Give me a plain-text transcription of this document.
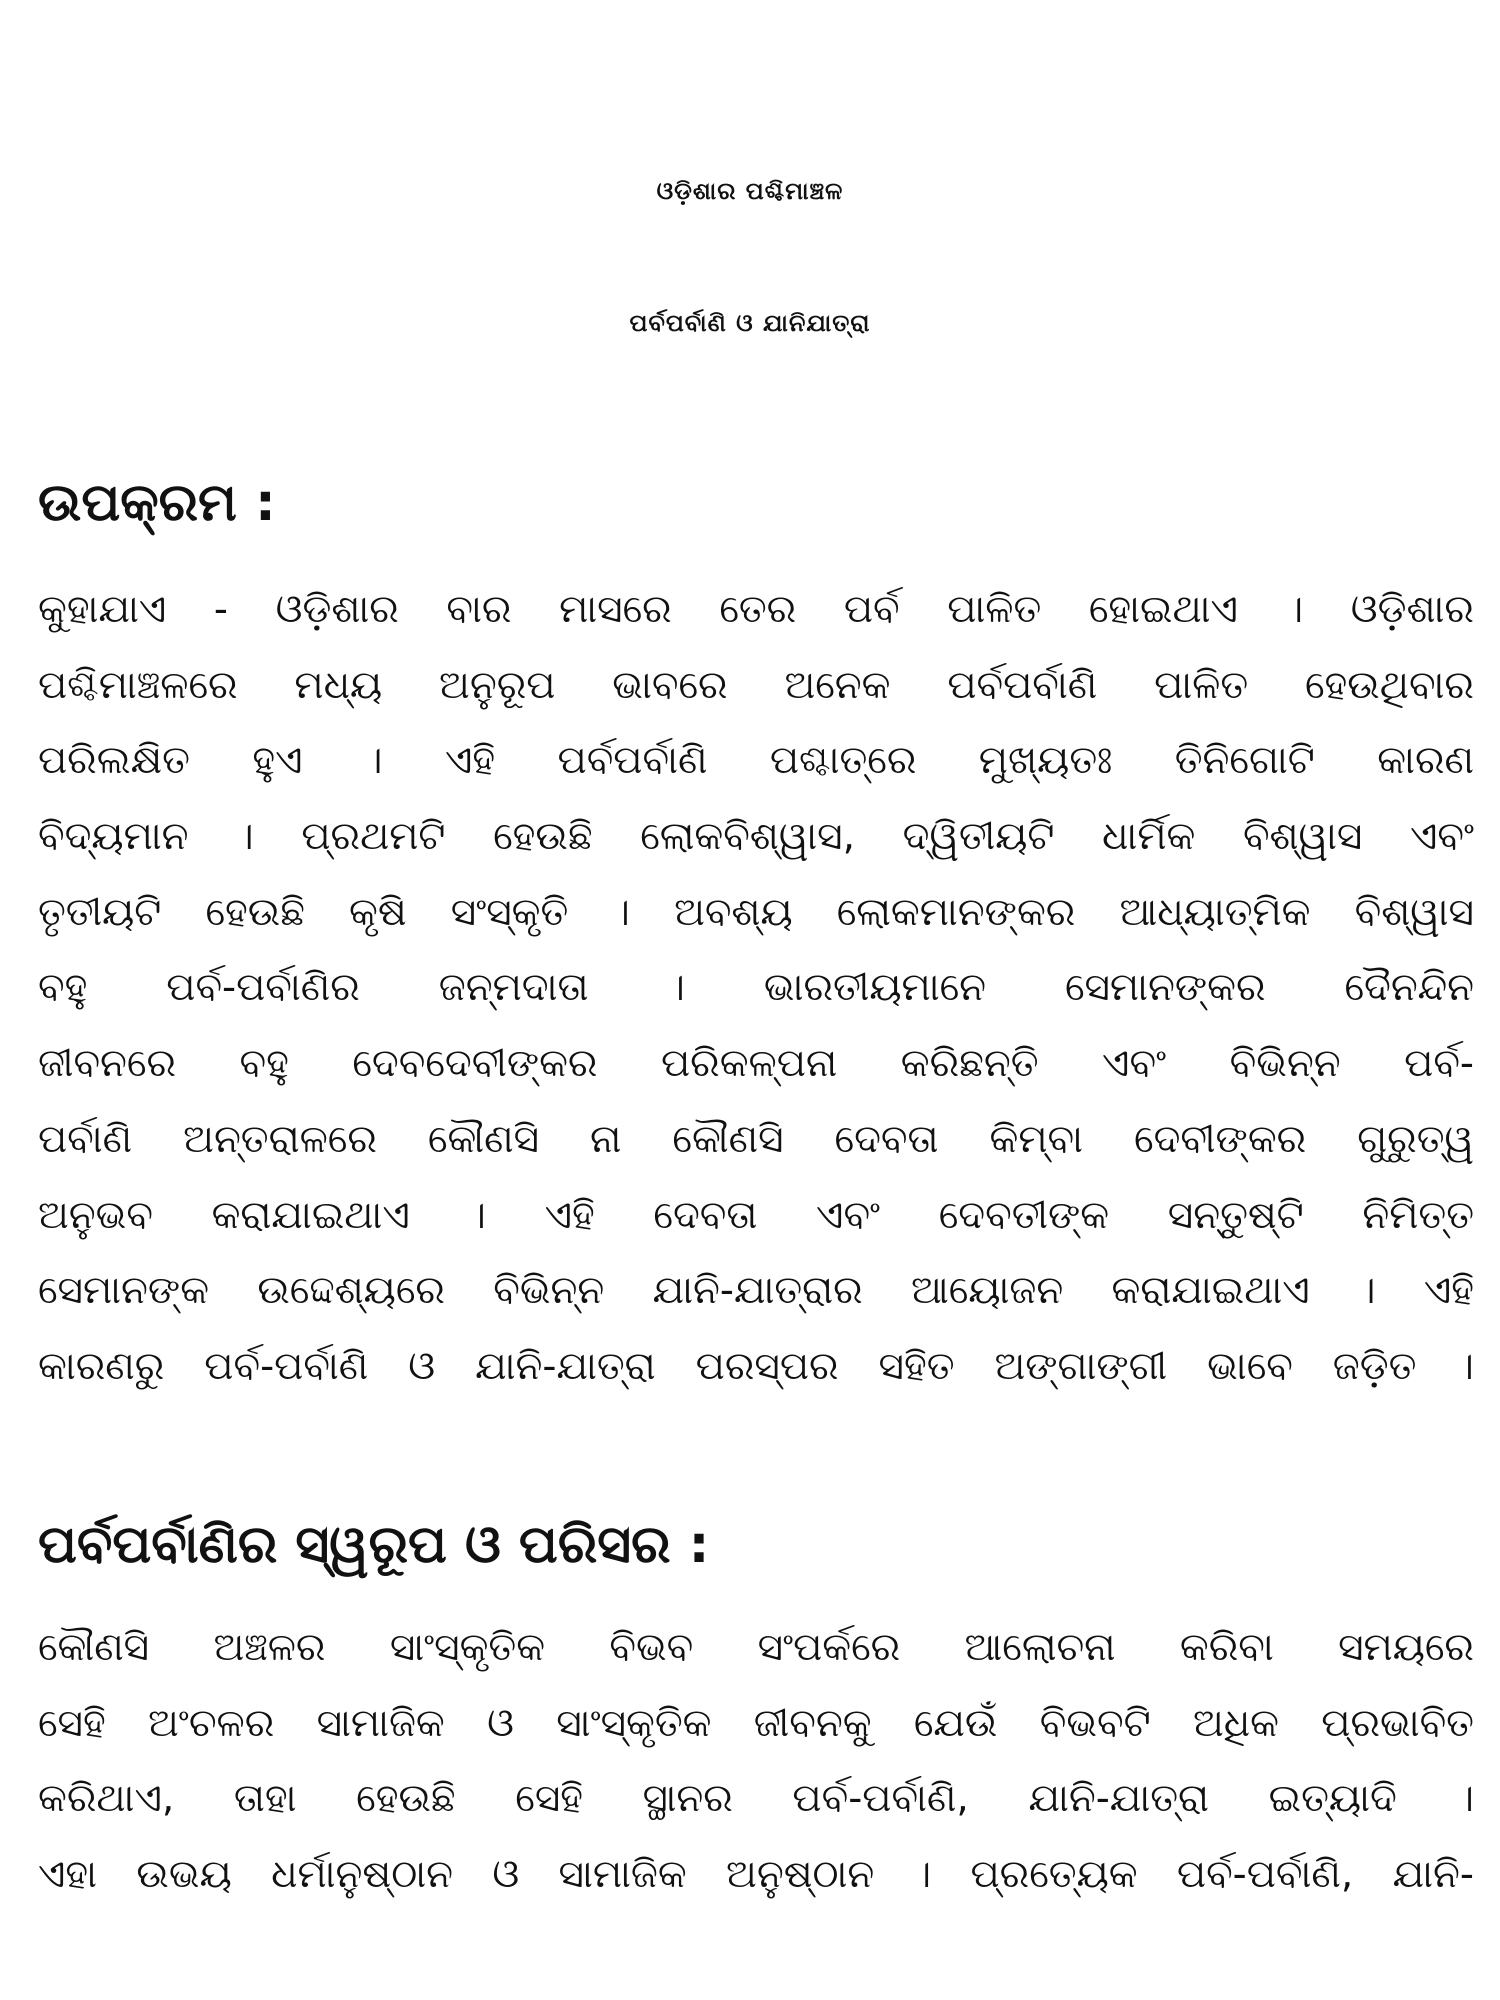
ଓଡ଼ିଶାର ପଶ୍ଚିମାଞ୍ଚଳ
ପର୍ବପର୍ବାଣି ଓ ଯାନିଯାତ୍ରା
ଉପକ୍ରମ :
କୁହାଯାଏ - ଓଡ଼ିଶାର ବାର ମାସରେ ତେର ପର୍ବ ପାଳିତ ହୋଇଥାଏ । ଓଡ଼ିଶାର
ପଶ୍ଚିମାଞ୍ଚଳରେ ମଧ୍ୟ ଅନୁରୂପ ଭାବରେ ଅନେକ ପର୍ବପର୍ବାଣି ପାଳିତ ହେଉଥିବାର
ପରିଲକ୍ଷିତ ହୁଏ । ଏହି ପର୍ବପର୍ବାଣି ପଶ୍ଚାତ୍‌ରେ ମୁଖ୍ୟତଃ ତିନିଗୋଟି କାରଣ
ବିଦ୍ୟମାନ । ପ୍ରଥମଟି ହେଉଛି ଲୋକବିଶ୍ୱାସ, ଦ୍ୱିତୀୟଟି ଧାର୍ମିକ ବିଶ୍ୱାସ ଏବଂ
ତୃତୀୟଟି ହେଉଛି କୃଷି ସଂସ୍କୃତି । ଅବଶ୍ୟ ଲୋକମାନଙ୍କର ଆଧ୍ୟାତ୍ମିକ ବିଶ୍ୱାସ
ବହୁ ପର୍ବ-ପର୍ବାଣିର ଜନ୍ମଦାତା । ଭାରତୀୟମାନେ ସେମାନଙ୍କର ଦୈନନ୍ଦିନ
ଜୀବନରେ ବହୁ ଦେବଦେବୀଙ୍କର ପରିକଳ୍ପନା କରିଛନ୍ତି ଏବଂ ବିଭିନ୍ନ ପର୍ବ-
ପର୍ବାଣି ଅନ୍ତରାଳରେ କୌଣସି ନା କୌଣସି ଦେବତା କିମ୍ବା ଦେବୀଙ୍କର ଗୁରୁତ୍ୱ
ଅନୁଭବ କରାଯାଇଥାଏ । ଏହି ଦେବତା ଏବଂ ଦେବତୀଙ୍କ ସନ୍ତୁଷ୍ଟି ନିମିତ୍ତ
ସେମାନଙ୍କ ଉଦ୍ଦେଶ୍ୟରେ ବିଭିନ୍ନ ଯାନି-ଯାତ୍ରାର ଆୟୋଜନ କରାଯାଇଥାଏ । ଏହି
କାରଣରୁ ପର୍ବ-ପର୍ବାଣି ଓ ଯାନି-ଯାତ୍ରା ପରସ୍ପର ସହିତ ଅଙ୍ଗାଙ୍ଗୀ ଭାବେ ଜଡ଼ିତ ।
ପର୍ବପର୍ବାଣିର ସ୍ୱରୂପ ଓ ପରିସର :
କୌଣସି ଅଞ୍ଚଳର ସାଂସ୍କୃତିକ ବିଭବ ସଂପର୍କରେ ଆଲୋଚନା କରିବା ସମୟରେ
ସେହି ଅଂଚଳର ସାମାଜିକ ଓ ସାଂସ୍କୃତିକ ଜୀବନକୁ ଯେଉଁ ବିଭବଟି ଅଧିକ ପ୍ରଭାବିତ
କରିଥାଏ, ତାହା ହେଉଛି ସେହି ସ୍ଥାନର ପର୍ବ-ପର୍ବାଣି, ଯାନି-ଯାତ୍ରା ଇତ୍ୟାଦି ।
ଏହା ଉଭୟ ଧର୍ମାନୁଷ୍ଠାନ ଓ ସାମାଜିକ ଅନୁଷ୍ଠାନ । ପ୍ରତ୍ୟେକ ପର୍ବ-ପର୍ବାଣି, ଯାନି-
